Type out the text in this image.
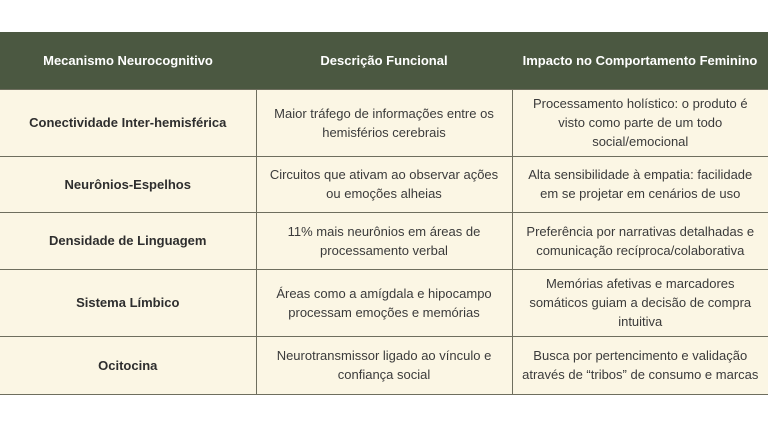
Mecanismo Neurocognitivo	Descrição Funcional	Impacto no Comportamento Feminino
Conectividade Inter-hemisférica	Maior tráfego de informações entre os hemisférios cerebrais	Processamento holístico: o produto é visto como parte de um todo social/emocional
Neurônios-Espelhos	Circuitos que ativam ao observar ações ou emoções alheias	Alta sensibilidade à empatia: facilidade em se projetar em cenários de uso
Densidade de Linguagem	11% mais neurônios em áreas de processamento verbal	Preferência por narrativas detalhadas e comunicação recíproca/colaborativa
Sistema Límbico	Áreas como a amígdala e hipocampo processam emoções e memórias	Memórias afetivas e marcadores somáticos guiam a decisão de compra intuitiva
Ocitocina	Neurotransmissor ligado ao vínculo e confiança social	Busca por pertencimento e validação através de “tribos” de consumo e marcas
